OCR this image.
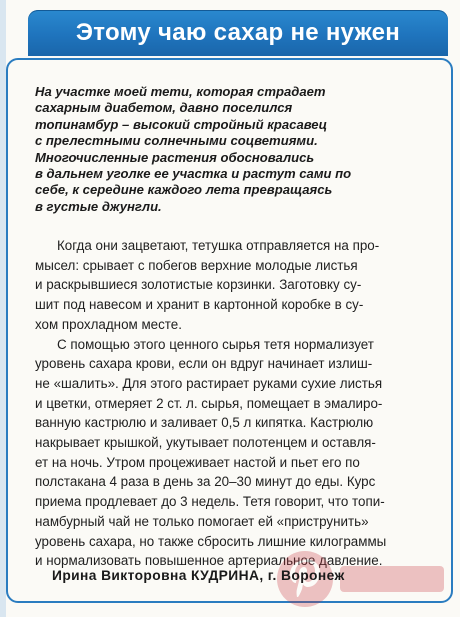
Этому чаю сахар не нужен
На участке моей тети, которая страдает
сахарным диабетом, давно поселился
топинамбур – высокий стройный красавец
с прелестными солнечными соцветиями.
Многочисленные растения обосновались
в дальнем уголке ее участка и растут сами по
себе, к середине каждого лета превращаясь
в густые джунгли.
Когда они зацветают, тетушка отправляется на про-
мысел: срывает с побегов верхние молодые листья
и раскрывшиеся золотистые корзинки. Заготовку су-
шит под навесом и хранит в картонной коробке в су-
хом прохладном месте.
С помощью этого ценного сырья тетя нормализует
уровень сахара крови, если он вдруг начинает излиш-
не «шалить». Для этого растирает руками сухие листья
и цветки, отмеряет 2 ст. л. сырья, помещает в эмалиро-
ванную кастрюлю и заливает 0,5 л кипятка. Кастрюлю
накрывает крышкой, укутывает полотенцем и оставля-
ет на ночь. Утром процеживает настой и пьет его по
полстакана 4 раза в день за 20–30 минут до еды. Курс
приема продлевает до 3 недель. Тетя говорит, что топи-
намбурный чай не только помогает ей «приструнить»
уровень сахара, но также сбросить лишние килограммы
и нормализовать повышенное артериальное давление.
Ирина Викторовна КУДРИНА, г. Воронеж
